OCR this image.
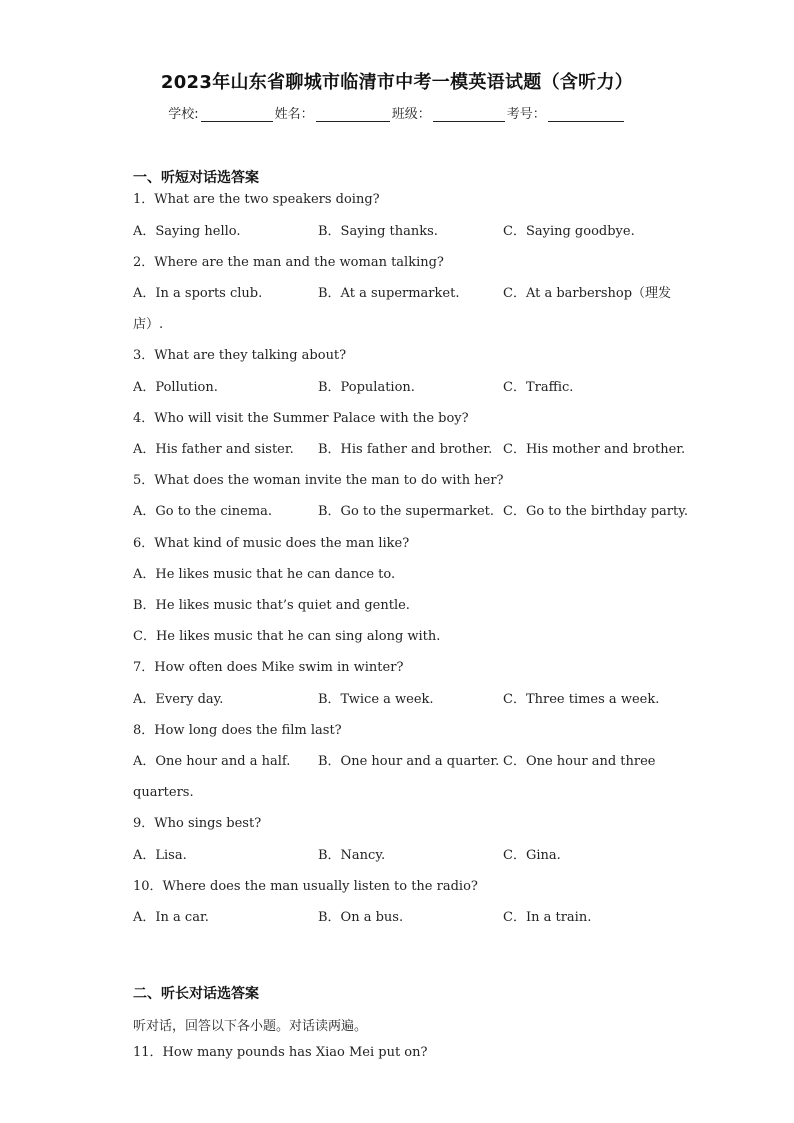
2023年山东省聊城市临清市中考一模英语试题（含听力）
学校:	姓名：	班级：	考号：
一、听短对话选答案
1．What are the two speakers doing?
A．Saying hello.	B．Saying thanks.	C．Saying goodbye.
2．Where are the man and the woman talking?
A．In a sports club.	B．At a supermarket.	C．At a barbershop（理发
店）.
3．What are they talking about?
A．Pollution.	B．Population.	C．Traffic.
4．Who will visit the Summer Palace with the boy?
A．His father and sister. B．His father and brother. C．His mother and brother.
5．What does the woman invite the man to do with her?
A．Go to the cinema.	B．Go to the supermarket. C．Go to the birthday party.
6．What kind of music does the man like?
A．He likes music that he can dance to.
B．He likes music that’s quiet and gentle.
C．He likes music that he can sing along with.
7．How often does Mike swim in winter?
A．Every day.	B．Twice a week.	C．Three times a week.
8．How long does the film last?
A．One hour and a half. B．One hour and a quarter. C．One hour and three
quarters.
9．Who sings best?
A．Lisa.	B．Nancy.	C．Gina.
10．Where does the man usually listen to the radio?
A．In a car.	B．On a bus.	C．In a train.
二、听长对话选答案
听对话，回答以下各小题。对话读两遍。
11．How many pounds has Xiao Mei put on?
